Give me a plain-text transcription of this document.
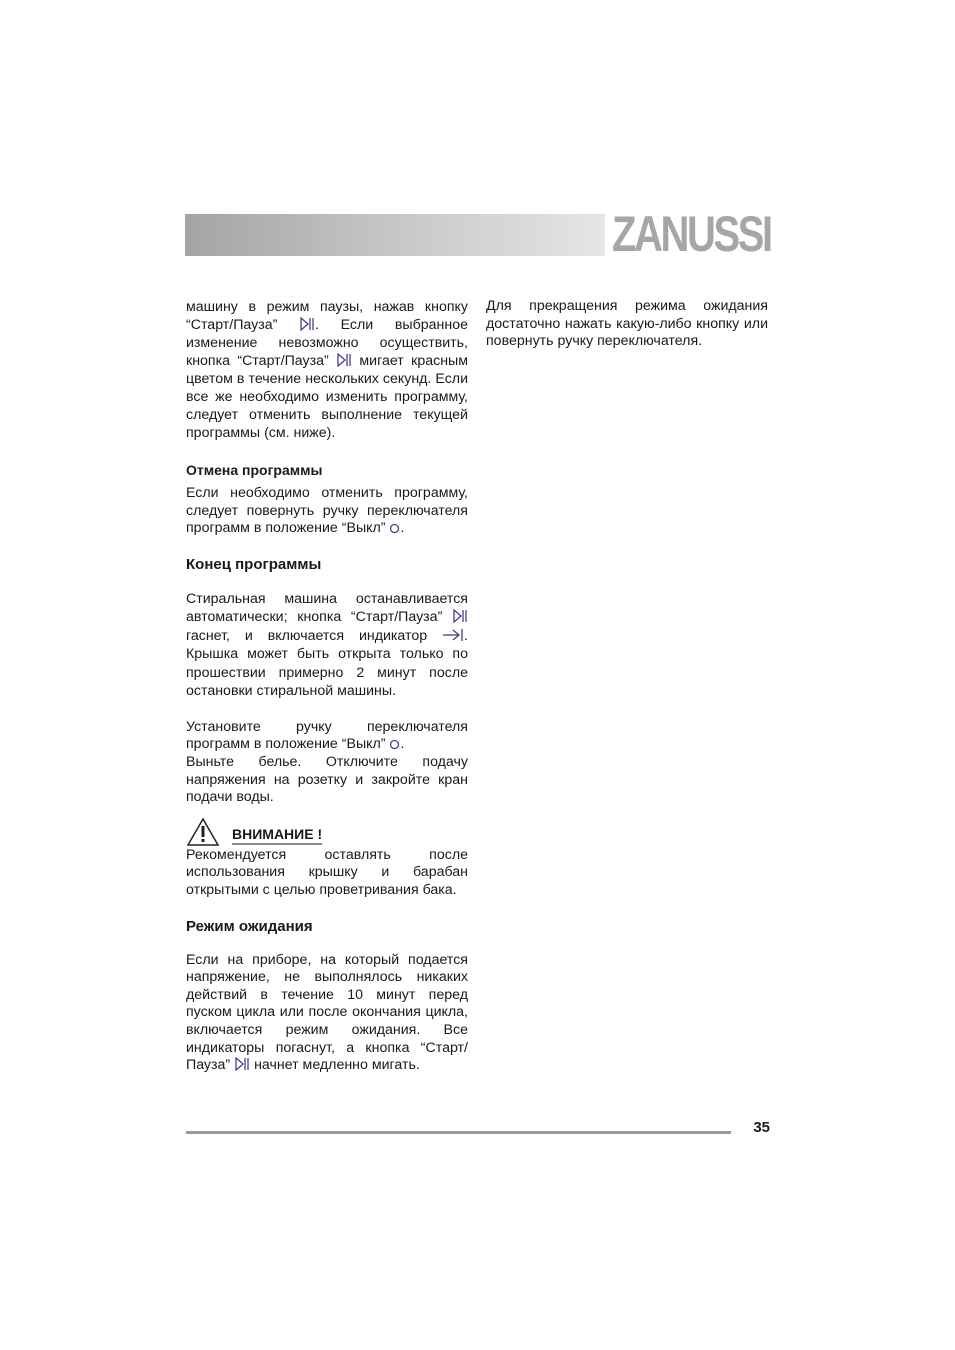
ZANUSSI

машину в режим паузы, нажав кнопку “Старт/Пауза”	. Если выбранное изменение невозможно осуществить, кнопка “Старт/Пауза” мигает красным цветом в течение нескольких секунд. Если все же необходимо изменить программу, следует отменить выполнение текущей программы (см. ниже).

Отмена программы

Если необходимо отменить программу, следует повернуть ручку переключателя программ в положение “Выкл” .

Конец программы

Стиральная машина останавливается автоматически; кнопка “Старт/Пауза”
гаснет, и включается индикатор	. Крышка может быть открыта только по прошествии примерно 2 минут после остановки стиральной машины.

Установите ручку переключателя программ в положение “Выкл” .

Выньте белье. Отключите подачу напряжения на розетку и закройте кран подачи воды.

ВНИМАНИЕ !

Рекомендуется оставлять после использования крышку и барабан открытыми с целью проветривания бака.

Режим ожидания

Если на приборе, на который подается напряжение, не выполнялось никаких действий в течение 10 минут перед пуском цикла или после окончания цикла, включается режим ожидания. Все индикаторы погаснут, а кнопка “Старт/ Пауза” начнет медленно мигать.

Для прекращения режима ожидания достаточно нажать какую-либо кнопку или повернуть ручку переключателя.

35
